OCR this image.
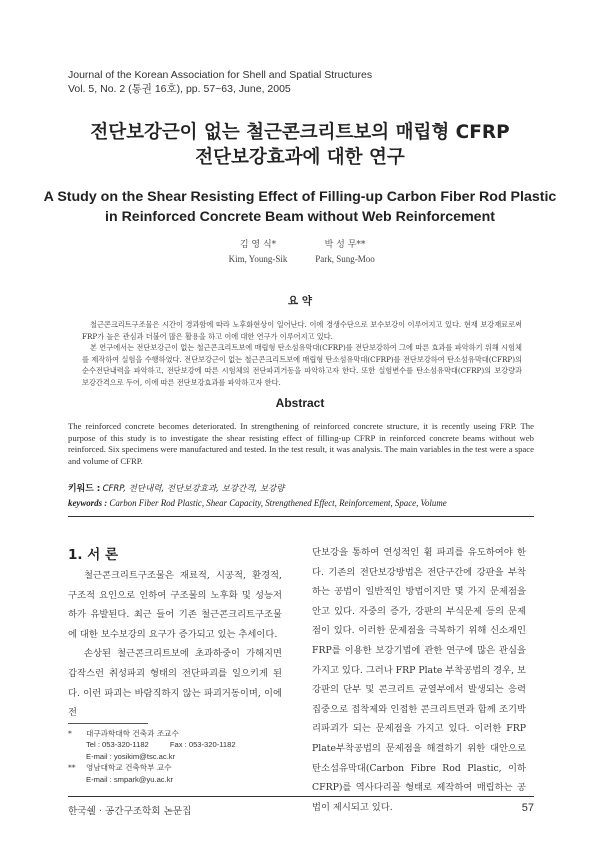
Journal of the Korean Association for Shell and Spatial Structures
Vol. 5, No. 2 (통권 16호), pp. 57~63, June, 2005
전단보강근이 없는 철근콘크리트보의 매립형 CFRP
전단보강효과에 대한 연구
A Study on the Shear Resisting Effect of Filling-up Carbon Fiber Rod Plastic
in Reinforced Concrete Beam without Web Reinforcement
김 영 식*
Kim, Young-Sik
박 성 무**
Park, Sung-Moo
요 약

철근콘크리트구조물은 시간이 경과함에 따라 노후화현상이 일어난다. 이에 경생수단으로 보수보강이 이루어지고 있다. 현재 보강재료로써 FRP가 높은 관심과 더불어 많은 활용을 하고 이에 대한 연구가 이루어지고 있다.

본 연구에서는 전단보강근이 없는 철근콘크리트보에 매립형 탄소섬유막대(CFRP)를 전단보강하여 그에 따른 효과를 파악하기 위해 시험체를 제작하여 실험을 수행하였다. 전단보강근이 없는 철근콘크리트보에 매립형 탄소섬유막대(CFRP)를 전단보강하여 탄소섬유막대(CFRP)의 순수전단내력을 파악하고, 전단보강에 따른 시험체의 전단파괴거동을 파악하고자 한다. 또한 실험변수를 탄소섬유막대(CFRP)의 보강량과 보강간격으로 두어, 이에 따른 전단보강효과를 파악하고자 한다.

Abstract

The reinforced concrete becomes deteriorated. In strengthening of reinforced concrete structure, it is recently useing FRP. The purpose of this study is to investigate the shear resisting effect of filling-up CFRP in reinforced concrete beams without web reinforced. Six specimens were manufactured and tested. In the test result, it was analysis. The main variables in the test were a space and volume of CFRP.

키워드 : CFRP, 전단내력, 전단보강효과, 보강간격, 보강량
keywords : Carbon Fiber Rod Plastic, Shear Capacity, Strengthened Effect, Reinforcement, Space, Volume
1. 서 론

철근콘크리트구조물은 재료적, 시공적, 환경적, 구조적 요인으로 인하여 구조물의 노후화 및 성능저하가 유발된다. 최근 들어 기존 철근콘크리트구조물에 대한 보수보강의 요구가 증가되고 있는 추세이다.

손상된 철근콘크리트보에 초과하중이 가해지면 갑작스런 취성파괴 형태의 전단파괴를 일으키게 된다. 이런 파괴는 바람직하지 않는 파괴거동이며, 이에 전

단보강을 통하여 연성적인 휨 파괴를 유도하여야 한다. 기존의 전단보강방법은 전단구간에 강판을 부착하는 공법이 일반적인 방법이지만 몇 가지 문제점을 안고 있다. 자중의 증가, 강판의 부식문제 등의 문제점이 있다. 이러한 문제점을 극복하기 위해 신소재인 FRP를 이용한 보강기법에 관한 연구에 많은 관심을 가지고 있다. 그러나 FRP Plate 부착공법의 경우, 보강판의 단부 및 콘크리트 균열부에서 발생되는 응력집중으로 접착제와 인접한 콘크리트면과 함께 조기박리파괴가 되는 문제점을 가지고 있다. 이러한 FRP Plate부착공법의 문제점을 해결하기 위한 대안으로 탄소섬유막대(Carbon Fibre Rod Plastic, 이하 CFRP)를 역사다리꼴 형태로 제작하여 매립하는 공법이 제시되고 있다.

* 대구과학대학 건축과 조교수
Tel : 053-320-1182          Fax : 053-320-1182
E-mail : yosikim@tsc.ac.kr
** 영남대학교 건축학부 교수
E-mail : smpark@yu.ac.kr
한국쉘 · 공간구조학회 논문집	57
